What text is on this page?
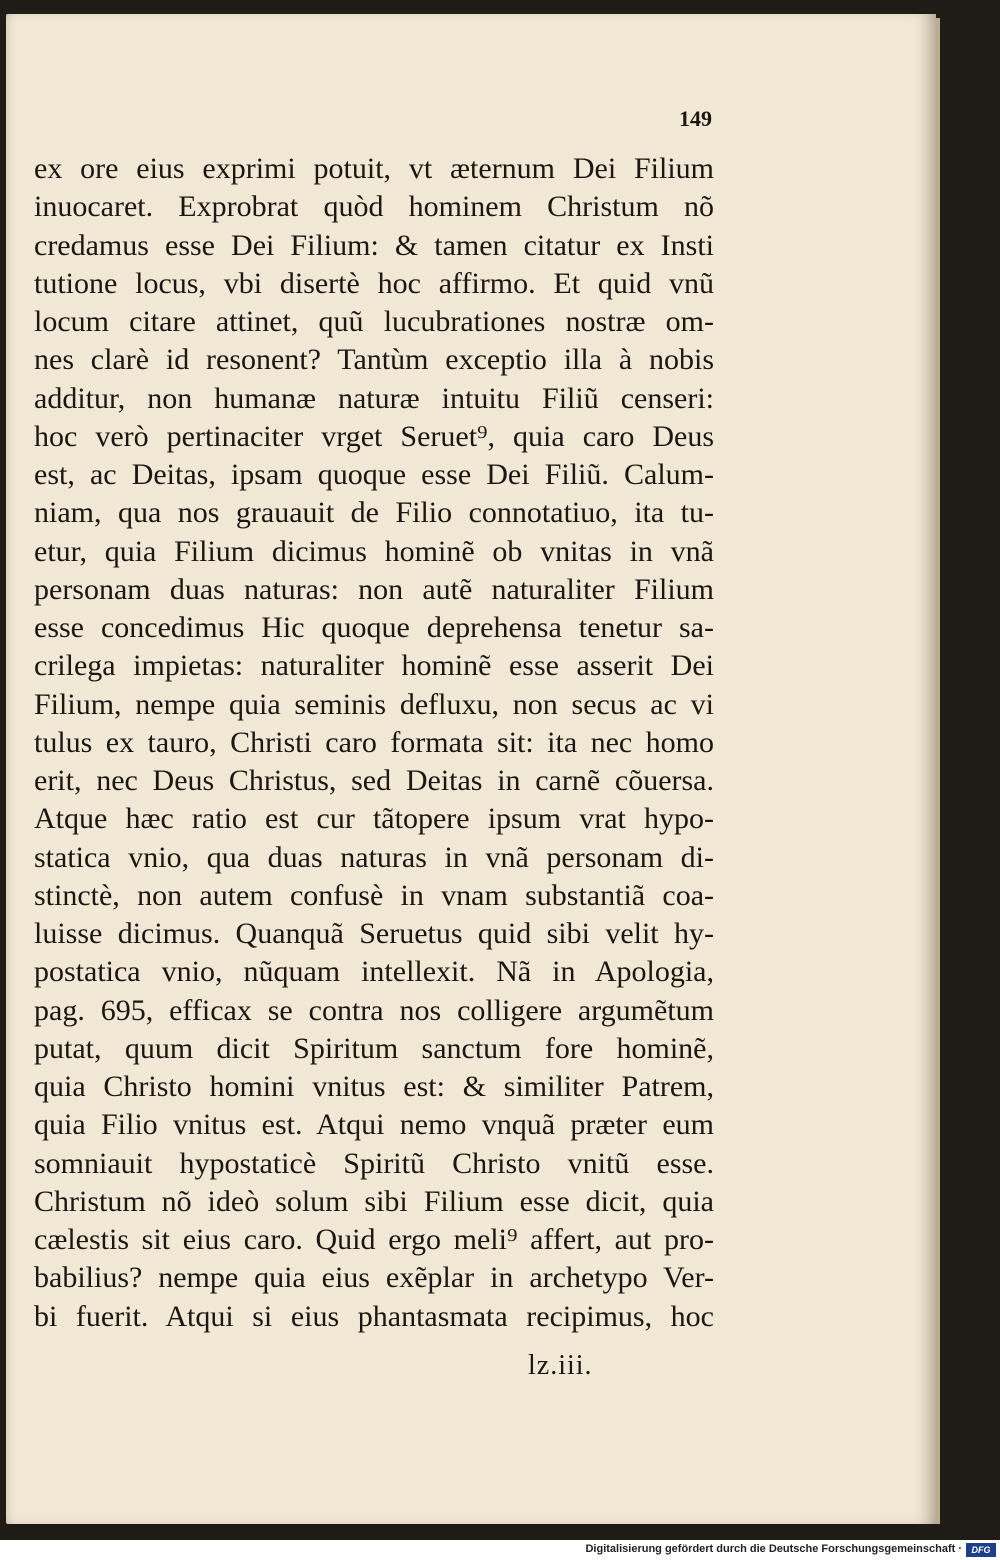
149
ex ore eius exprimi potuit, vt æternum Dei Filium
inuocaret. Exprobrat quòd hominem Christum nõ
credamus esse Dei Filium: & tamen citatur ex Insti
tutione locus, vbi disertè hoc affirmo. Et quid vnũ
locum citare attinet, quũ lucubrationes nostræ om-
nes clarè id resonent? Tantùm exceptio illa à nobis
additur, non humanæ naturæ intuitu Filiũ censeri:
hoc verò pertinaciter vrget Seruet⁹, quia caro Deus
est, ac Deitas, ipsam quoque esse Dei Filiũ. Calum-
niam, qua nos grauauit de Filio connotatiuo, ita tu-
etur, quia Filium dicimus hominẽ ob vnitas in vnã
personam duas naturas: non autẽ naturaliter Filium
esse concedimus Hic quoque deprehensa tenetur sa-
crilega impietas: naturaliter hominẽ esse asserit Dei
Filium, nempe quia seminis defluxu, non secus ac vi
tulus ex tauro, Christi caro formata sit: ita nec homo
erit, nec Deus Christus, sed Deitas in carnẽ cõuersa.
Atque hæc ratio est cur tãtopere ipsum vrat hypo-
statica vnio, qua duas naturas in vnã personam di-
stinctè, non autem confusè in vnam substantiã coa-
luisse dicimus. Quanquã Seruetus quid sibi velit hy-
postatica vnio, nũquam intellexit. Nã in Apologia,
pag. 695, efficax se contra nos colligere argumẽtum
putat, quum dicit Spiritum sanctum fore hominẽ,
quia Christo homini vnitus est: & similiter Patrem,
quia Filio vnitus est. Atqui nemo vnquã præter eum
somniauit hypostaticè Spiritũ Christo vnitũ esse.
Christum nõ ideò solum sibi Filium esse dicit, quia
cælestis sit eius caro. Quid ergo meli⁹ affert, aut pro-
babilius? nempe quia eius exẽplar in archetypo Ver-
bi fuerit. Atqui si eius phantasmata recipimus, hoc
lz.iii.
Digitalisierung gefördert durch die Deutsche Forschungsgemeinschaft ·	DFG
